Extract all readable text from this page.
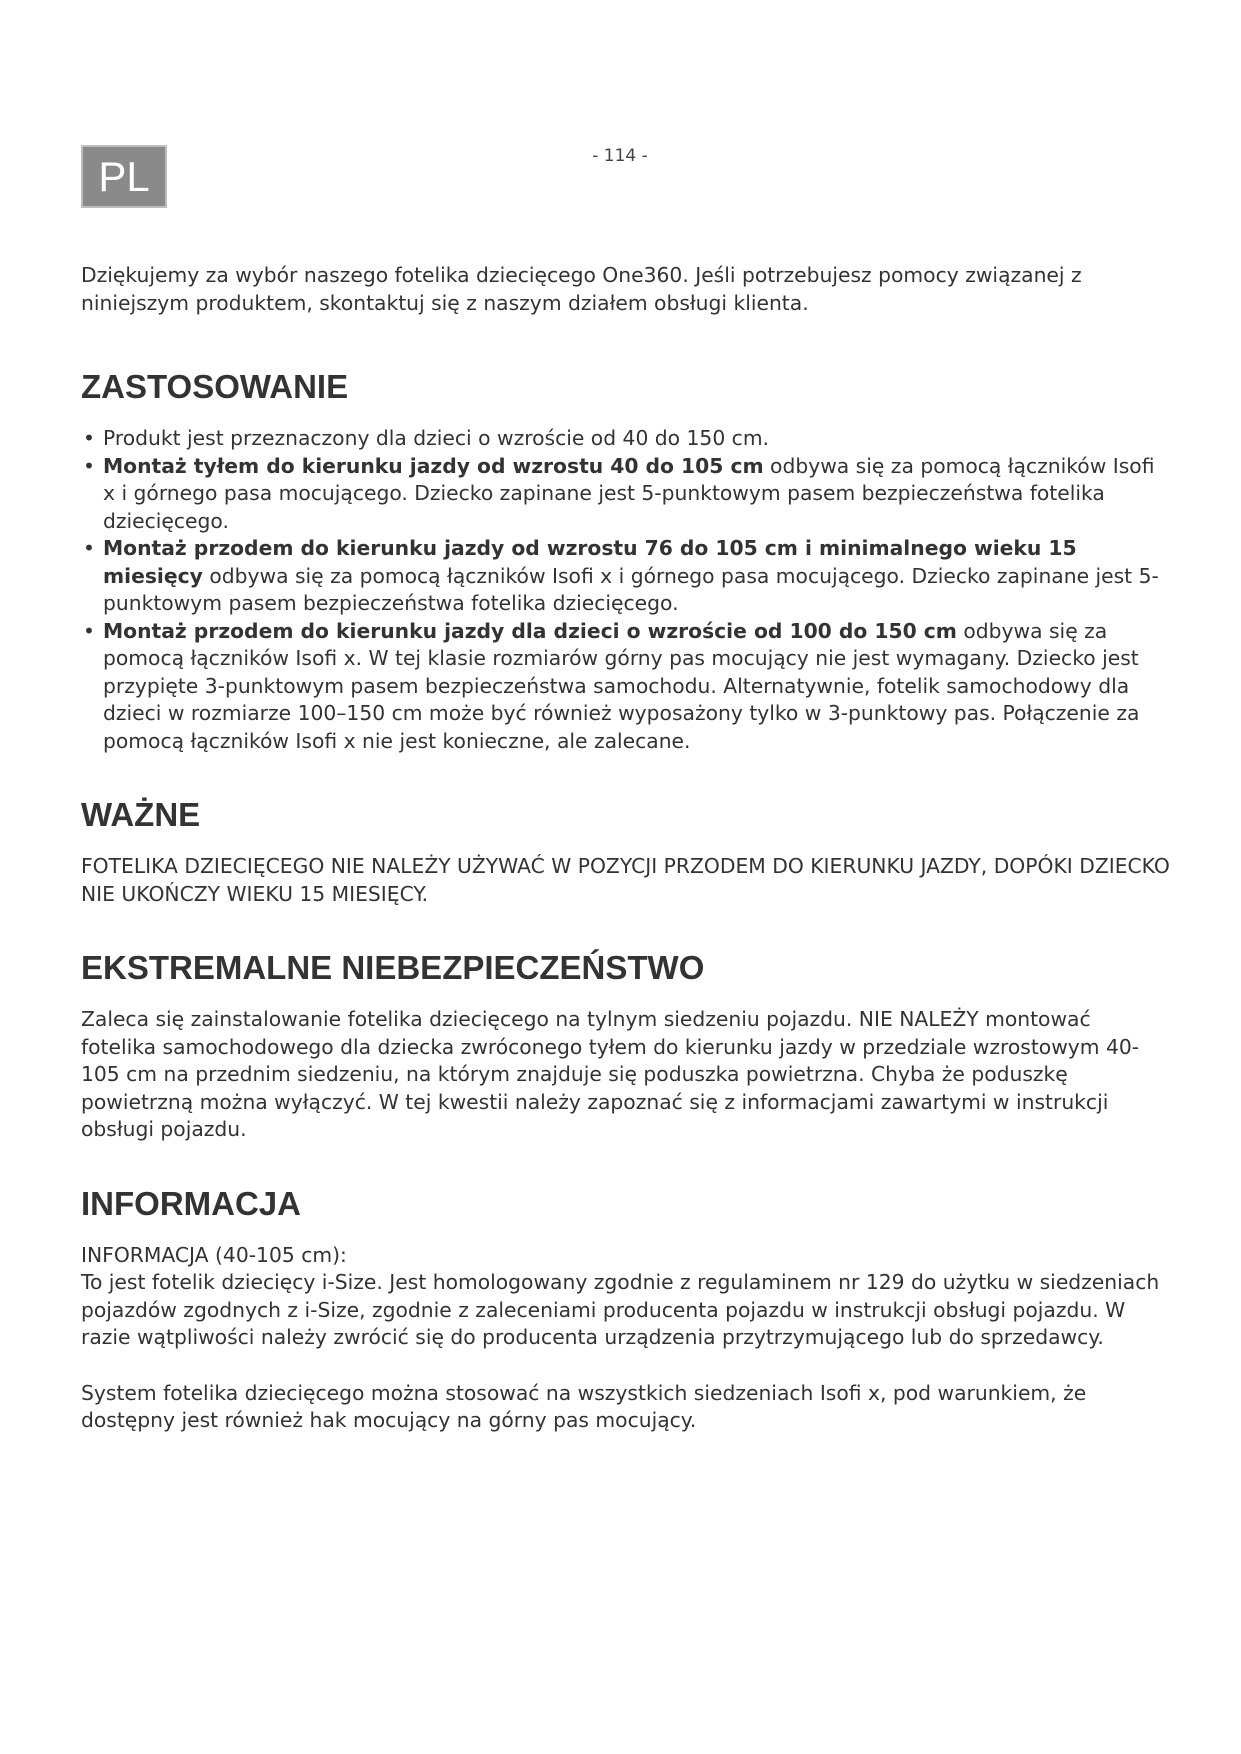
PL	- 114 -

Dziękujemy za wybór naszego fotelika dziecięcego One360. Jeśli potrzebujesz pomocy związanej z niniejszym produktem, skontaktuj się z naszym działem obsługi klienta.

ZASTOSOWANIE
• Produkt jest przeznaczony dla dzieci o wzroście od 40 do 150 cm.
• Montaż tyłem do kierunku jazdy od wzrostu 40 do 105 cm odbywa się za pomocą łączników Isofi x i górnego pasa mocującego. Dziecko zapinane jest 5-punktowym pasem bezpieczeństwa fotelika dziecięcego.
• Montaż przodem do kierunku jazdy od wzrostu 76 do 105 cm i minimalnego wieku 15 miesięcy odbywa się za pomocą łączników Isofi x i górnego pasa mocującego. Dziecko zapinane jest 5-punktowym pasem bezpieczeństwa fotelika dziecięcego.
• Montaż przodem do kierunku jazdy dla dzieci o wzroście od 100 do 150 cm odbywa się za pomocą łączników Isofi x. W tej klasie rozmiarów górny pas mocujący nie jest wymagany. Dziecko jest przypięte 3-punktowym pasem bezpieczeństwa samochodu. Alternatywnie, fotelik samochodowy dla dzieci w rozmiarze 100–150 cm może być również wyposażony tylko w 3-punktowy pas. Połączenie za pomocą łączników Isofi x nie jest konieczne, ale zalecane.
WAŻNE

FOTELIKA DZIECIĘCEGO NIE NALEŻY UŻYWAĆ W POZYCJI PRZODEM DO KIERUNKU JAZDY, DOPÓKI DZIECKO NIE UKOŃCZY WIEKU 15 MIESIĘCY.

EKSTREMALNE NIEBEZPIECZEŃSTWO

Zaleca się zainstalowanie fotelika dziecięcego na tylnym siedzeniu pojazdu. NIE NALEŻY montować fotelika samochodowego dla dziecka zwróconego tyłem do kierunku jazdy w przedziale wzrostowym 40-105 cm na przednim siedzeniu, na którym znajduje się poduszka powietrzna. Chyba że poduszkę powietrzną można wyłączyć. W tej kwestii należy zapoznać się z informacjami zawartymi w instrukcji obsługi pojazdu.

INFORMACJA

INFORMACJA (40-105 cm):

To jest fotelik dziecięcy i-Size. Jest homologowany zgodnie z regulaminem nr 129 do użytku w siedzeniach pojazdów zgodnych z i-Size, zgodnie z zaleceniami producenta pojazdu w instrukcji obsługi pojazdu. W razie wątpliwości należy zwrócić się do producenta urządzenia przytrzymującego lub do sprzedawcy.

System fotelika dziecięcego można stosować na wszystkich siedzeniach Isofi x, pod warunkiem, że dostępny jest również hak mocujący na górny pas mocujący.
